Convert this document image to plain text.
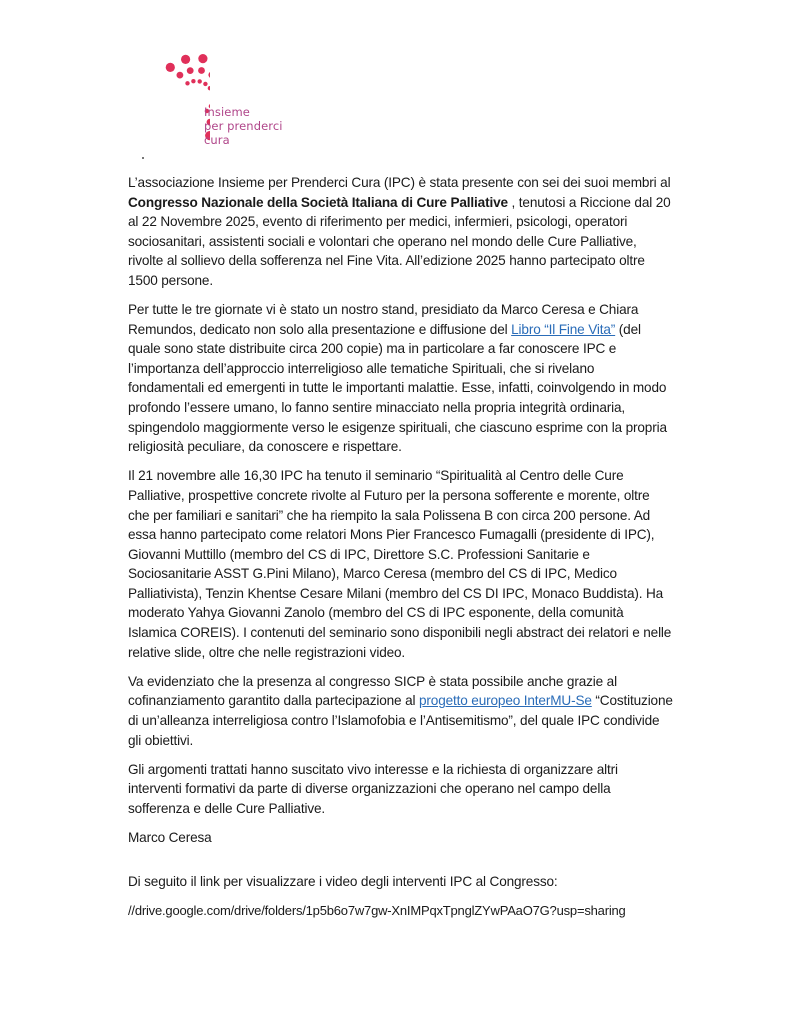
Insieme
per prenderci
cura

L’associazione Insieme per Prenderci Cura (IPC) è stata presente con sei dei suoi membri al Congresso Nazionale della Società Italiana di Cure Palliative , tenutosi a Riccione dal 20 al 22 Novembre 2025, evento di riferimento per medici, infermieri, psicologi, operatori sociosanitari, assistenti sociali e volontari che operano nel mondo delle Cure Palliative, rivolte al sollievo della sofferenza nel Fine Vita. All’edizione 2025 hanno partecipato oltre 1500 persone.

Per tutte le tre giornate vi è stato un nostro stand, presidiato da Marco Ceresa e Chiara Remundos, dedicato non solo alla presentazione e diffusione del Libro “Il Fine Vita” (del quale sono state distribuite circa 200 copie) ma in particolare a far conoscere IPC e l’importanza dell’approccio interreligioso alle tematiche Spirituali, che si rivelano fondamentali ed emergenti in tutte le importanti malattie. Esse, infatti, coinvolgendo in modo profondo l’essere umano, lo fanno sentire minacciato nella propria integrità ordinaria, spingendolo maggiormente verso le esigenze spirituali, che ciascuno esprime con la propria religiosità peculiare, da conoscere e rispettare.

Il 21 novembre alle 16,30 IPC ha tenuto il seminario “Spiritualità al Centro delle Cure Palliative, prospettive concrete rivolte al Futuro per la persona sofferente e morente, oltre che per familiari e sanitari” che ha riempito la sala Polissena B con circa 200 persone. Ad essa hanno partecipato come relatori Mons Pier Francesco Fumagalli (presidente di IPC), Giovanni Muttillo (membro del CS di IPC, Direttore S.C. Professioni Sanitarie e Sociosanitarie ASST G.Pini Milano), Marco Ceresa (membro del CS di IPC, Medico Palliativista), Tenzin Khentse Cesare Milani (membro del CS DI IPC, Monaco Buddista). Ha moderato Yahya Giovanni Zanolo (membro del CS di IPC esponente, della comunità Islamica COREIS). I contenuti del seminario sono disponibili negli abstract dei relatori e nelle relative slide, oltre che nelle registrazioni video.

Va evidenziato che la presenza al congresso SICP è stata possibile anche grazie al cofinanziamento garantito dalla partecipazione al progetto europeo InterMU-Se “Costituzione di un’alleanza interreligiosa contro l’Islamofobia e l’Antisemitismo”, del quale IPC condivide gli obiettivi.

Gli argomenti trattati hanno suscitato vivo interesse e la richiesta di organizzare altri interventi formativi da parte di diverse organizzazioni che operano nel campo della sofferenza e delle Cure Palliative.

Marco Ceresa

Di seguito il link per visualizzare i video degli interventi IPC al Congresso:

//drive.google.com/drive/folders/1p5b6o7w7gw-XnIMPqxTpnglZYwPAaO7G?usp=sharing
